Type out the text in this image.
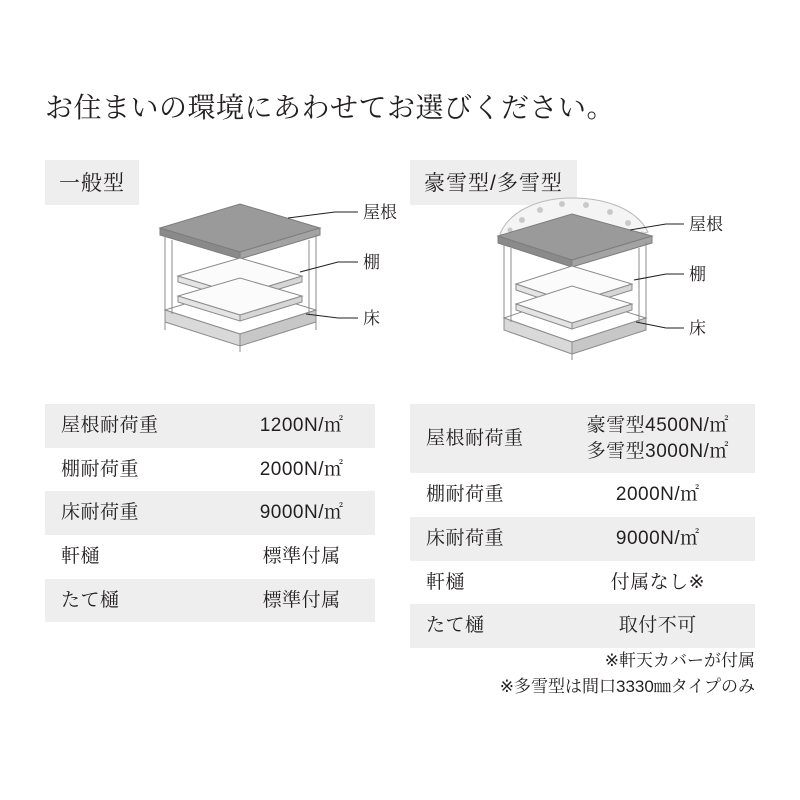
お住まいの環境にあわせてお選びください。
一般型
屋根
棚
床
屋根耐荷重	1200N/㎡
棚耐荷重	2000N/㎡
床耐荷重	9000N/㎡
軒樋	標準付属
たて樋	標準付属
豪雪型/多雪型
屋根
棚
床
屋根耐荷重	豪雪型4500N/㎡
多雪型3000N/㎡

棚耐荷重	2000N/㎡
床耐荷重	9000N/㎡
軒樋	付属なし※
たて樋	取付不可
※軒天カバーが付属
※多雪型は間口3330㎜タイプのみ
